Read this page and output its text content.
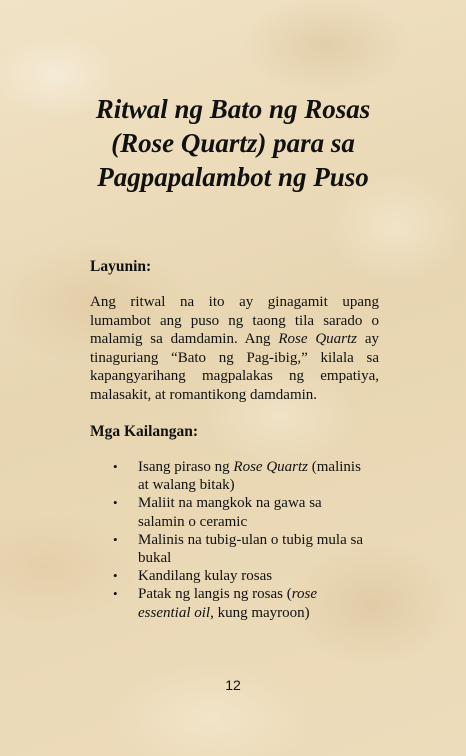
Ritwal ng Bato ng Rosas
(Rose Quartz) para sa
Pagpapalambot ng Puso
Layunin:
Ang ritwal na ito ay ginagamit upang
lumambot ang puso ng taong tila sarado o
malamig sa damdamin. Ang Rose Quartz ay
tinaguriang “Bato ng Pag-ibig,” kilala sa
kapangyarihang magpalakas ng empatiya,
malasakit, at romantikong damdamin.
Mga Kailangan:
• Isang piraso ng Rose Quartz (malinis
at walang bitak)
• Maliit na mangkok na gawa sa
salamin o ceramic
• Malinis na tubig-ulan o tubig mula sa
bukal
• Kandilang kulay rosas
• Patak ng langis ng rosas (rose
essential oil, kung mayroon)
12
